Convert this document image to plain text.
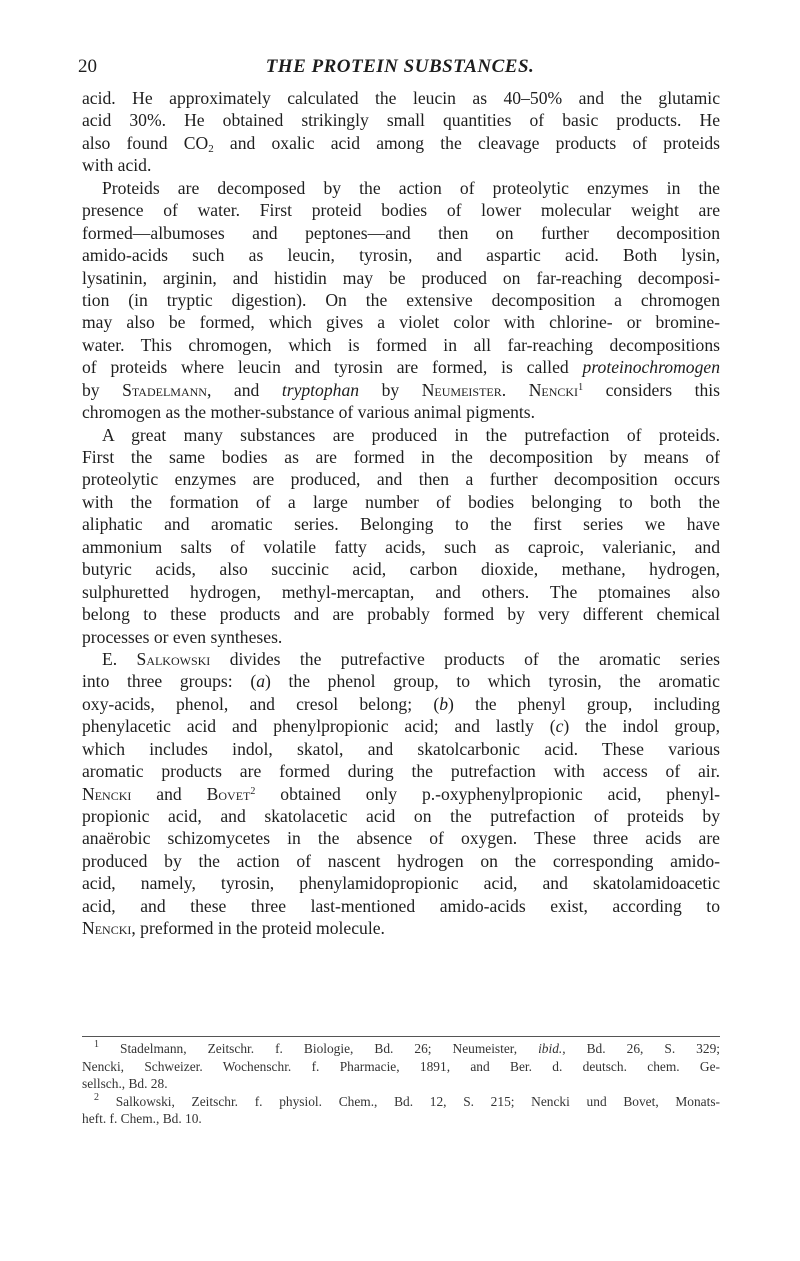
20	THE PROTEIN SUBSTANCES.
acid. He approximately calculated the leucin as 40–50% and the glutamic
acid 30%. He obtained strikingly small quantities of basic products. He
also found $CO_2$ and oxalic acid among the cleavage products of proteids
with acid.
Proteids are decomposed by the action of proteolytic enzymes in the
presence of water. First proteid bodies of lower molecular weight are
formed—albumoses and peptones—and then on further decomposition
amido-acids such as leucin, tyrosin, and aspartic acid. Both lysin,
lysatinin, arginin, and histidin may be produced on far-reaching decomposi-
tion (in tryptic digestion). On the extensive decomposition a chromogen
may also be formed, which gives a violet color with chlorine- or bromine-
water. This chromogen, which is formed in all far-reaching decompositions
of proteids where leucin and tyrosin are formed, is called proteinochromogen
by Stadelmann, and tryptophan by Neumeister. Nencki$^1$ considers this
chromogen as the mother-substance of various animal pigments.
A great many substances are produced in the putrefaction of proteids.
First the same bodies as are formed in the decomposition by means of
proteolytic enzymes are produced, and then a further decomposition occurs
with the formation of a large number of bodies belonging to both the
aliphatic and aromatic series. Belonging to the first series we have
ammonium salts of volatile fatty acids, such as caproic, valerianic, and
butyric acids, also succinic acid, carbon dioxide, methane, hydrogen,
sulphuretted hydrogen, methyl-mercaptan, and others. The ptomaines also
belong to these products and are probably formed by very different chemical
processes or even syntheses.
E. Salkowski divides the putrefactive products of the aromatic series
into three groups: (a) the phenol group, to which tyrosin, the aromatic
oxy-acids, phenol, and cresol belong; (b) the phenyl group, including
phenylacetic acid and phenylpropionic acid; and lastly (c) the indol group,
which includes indol, skatol, and skatolcarbonic acid. These various
aromatic products are formed during the putrefaction with access of air.
Nencki and Bovet$^2$ obtained only p.-oxyphenylpropionic acid, phenyl-
propionic acid, and skatolacetic acid on the putrefaction of proteids by
anaërobic schizomycetes in the absence of oxygen. These three acids are
produced by the action of nascent hydrogen on the corresponding amido-
acid, namely, tyrosin, phenylamidopropionic acid, and skatolamidoacetic
acid, and these three last-mentioned amido-acids exist, according to
Nencki, preformed in the proteid molecule.
$^1$ Stadelmann, Zeitschr. f. Biologie, Bd. 26; Neumeister, ibid., Bd. 26, S. 329;
Nencki, Schweizer. Wochenschr. f. Pharmacie, 1891, and Ber. d. deutsch. chem. Ge-
sellsch., Bd. 28.
$^2$ Salkowski, Zeitschr. f. physiol. Chem., Bd. 12, S. 215; Nencki und Bovet, Monats-
heft. f. Chem., Bd. 10.
